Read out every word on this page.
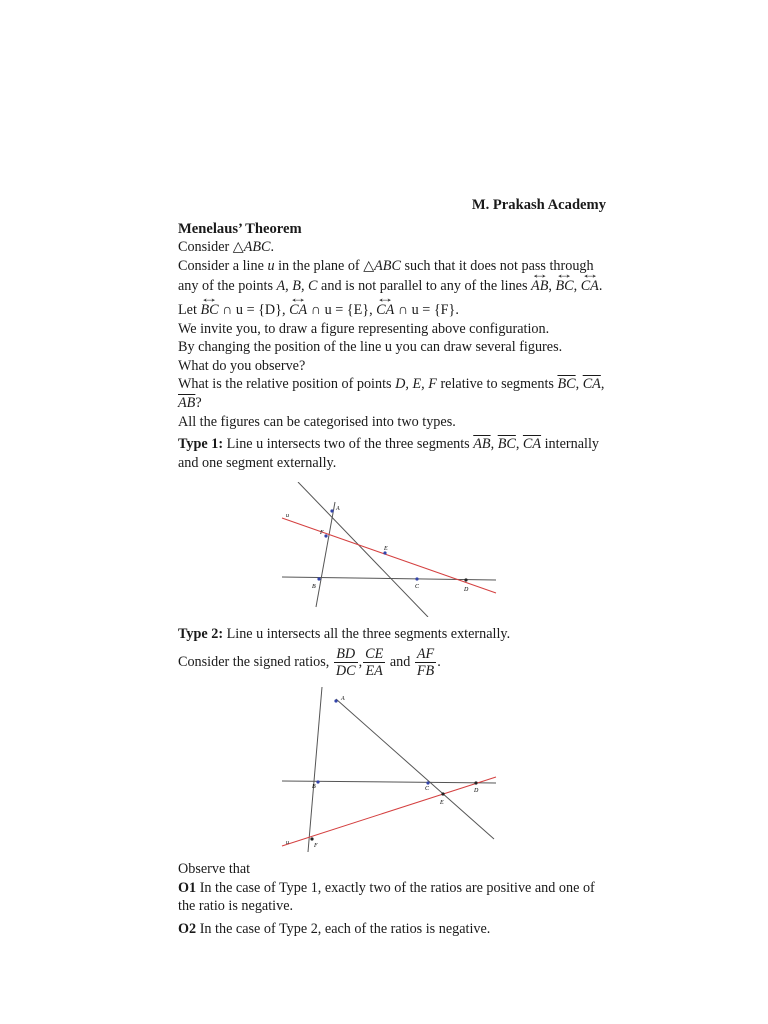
M. Prakash Academy
Menelaus’ Theorem

Consider △ABC.

Consider a line u in the plane of △ABC such that it does not pass through any of the points A, B, C and is not parallel to any of the lines ↔ AB, ↔ BC, ↔ CA.

Let ↔ BC ∩ u = {D}, ↔ CA ∩ u = {E}, ↔ CA ∩ u = {F}.

We invite you, to draw a figure representing above configuration.

By changing the position of the line u you can draw several figures.

What do you observe?

What is the relative position of points D, E, F relative to segments $\overline{BC}$, $\overline{CA}$, $\overline{AB}$?

All the figures can be categorised into two types.

Type 1: Line u intersects two of the three segments $\overline{AB}$, $\overline{BC}$, $\overline{CA}$ internally and one segment externally.

A
F
E
B	C	D
u

Type 2: Line u intersects all the three segments externally.

Consider the signed ratios, $\frac{BD}{DC}$ , $\frac{CE}{EA}$ and $\frac{AF}{FB}$ .

A
B	C	D
E
F
u

Observe that

O1 In the case of Type 1, exactly two of the ratios are positive and one of the ratio is negative.

O2 In the case of Type 2, each of the ratios is negative.
